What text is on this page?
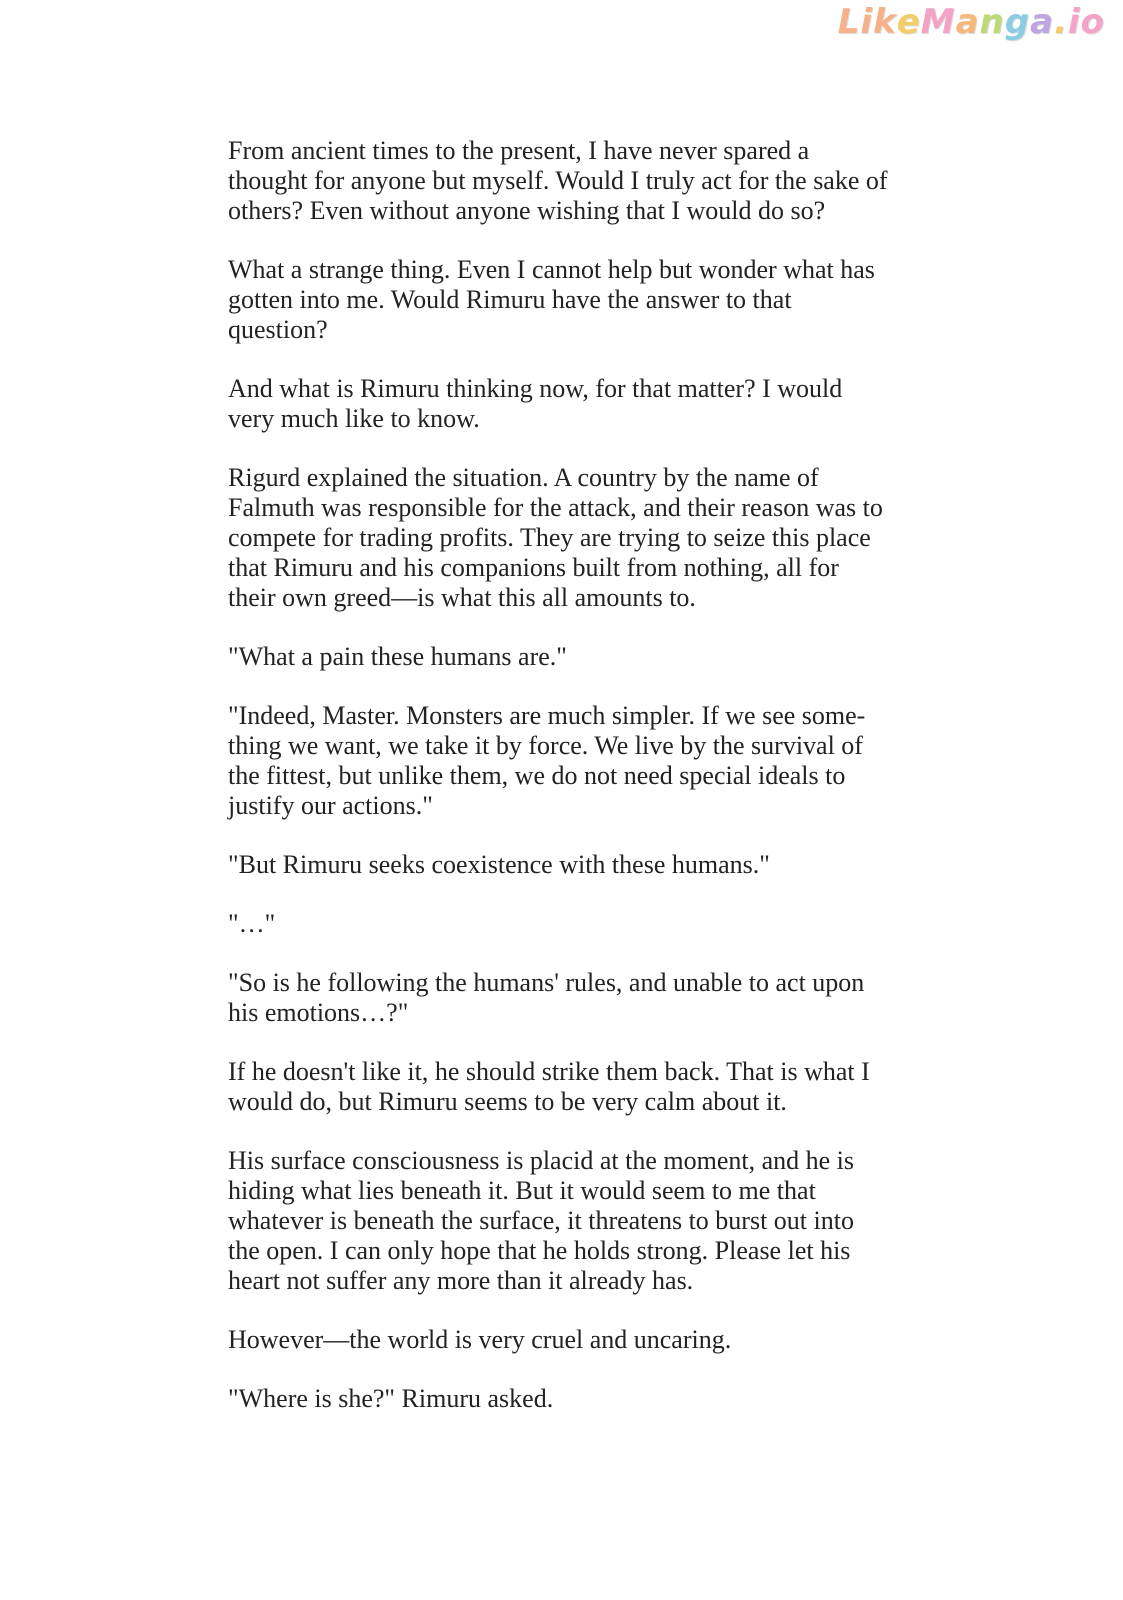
LikeManga.io

From ancient times to the present, I have never spared a thought for anyone but myself. Would I truly act for the sake of others? Even without anyone wishing that I would do so?

What a strange thing. Even I cannot help but wonder what has gotten into me. Would Rimuru have the answer to that question?

And what is Rimuru thinking now, for that matter? I would very much like to know.

Rigurd explained the situation. A country by the name of Falmuth was responsible for the attack, and their reason was to compete for trading profits. They are trying to seize this place that Rimuru and his companions built from nothing, all for their own greed—is what this all amounts to.

"What a pain these humans are."

"Indeed, Master. Monsters are much simpler. If we see something we want, we take it by force. We live by the survival of the fittest, but unlike them, we do not need special ideals to justify our actions."

"But Rimuru seeks coexistence with these humans."

"…"

"So is he following the humans' rules, and unable to act upon his emotions…?"

If he doesn't like it, he should strike them back. That is what I would do, but Rimuru seems to be very calm about it.

His surface consciousness is placid at the moment, and he is hiding what lies beneath it. But it would seem to me that whatever is beneath the surface, it threatens to burst out into the open. I can only hope that he holds strong. Please let his heart not suffer any more than it already has.

However—the world is very cruel and uncaring.

"Where is she?" Rimuru asked.
